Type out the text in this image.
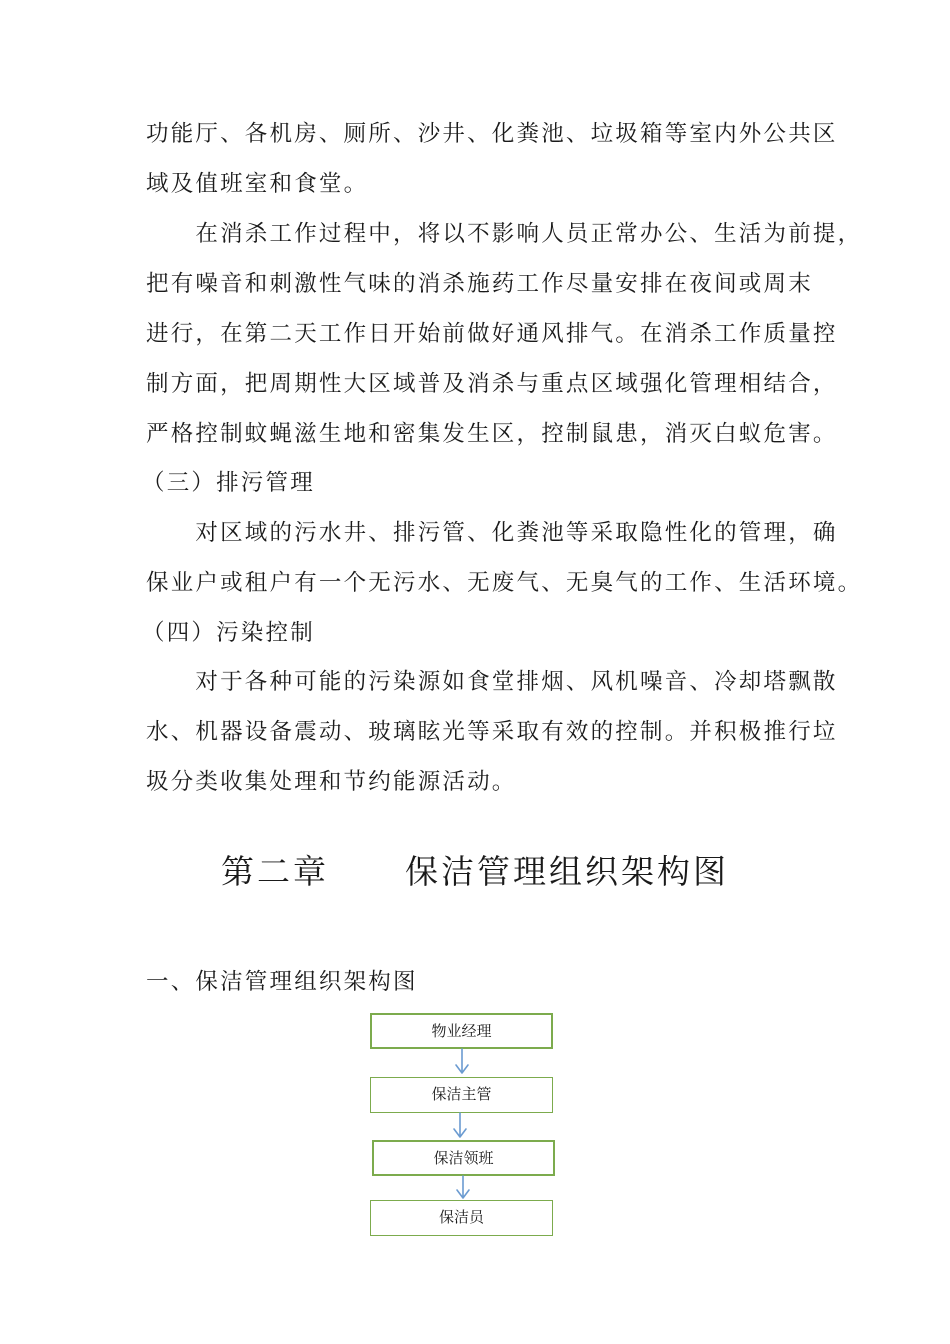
功能厅、各机房、厕所、沙井、化粪池、垃圾箱等室内外公共区
域及值班室和食堂。
　　在消杀工作过程中，将以不影响人员正常办公、生活为前提，
把有噪音和刺激性气味的消杀施药工作尽量安排在夜间或周末
进行，在第二天工作日开始前做好通风排气。在消杀工作质量控
制方面，把周期性大区域普及消杀与重点区域强化管理相结合，
严格控制蚊蝇滋生地和密集发生区，控制鼠患，消灭白蚁危害。
（三）排污管理
　　对区域的污水井、排污管、化粪池等采取隐性化的管理，确
保业户或租户有一个无污水、无废气、无臭气的工作、生活环境。
（四）污染控制
　　对于各种可能的污染源如食堂排烟、风机噪音、冷却塔飘散
水、机器设备震动、玻璃眩光等采取有效的控制。并积极推行垃
圾分类收集处理和节约能源活动。
第二章 保洁管理组织架构图
一、保洁管理组织架构图
物业经理
保洁主管
保洁领班
保洁员
